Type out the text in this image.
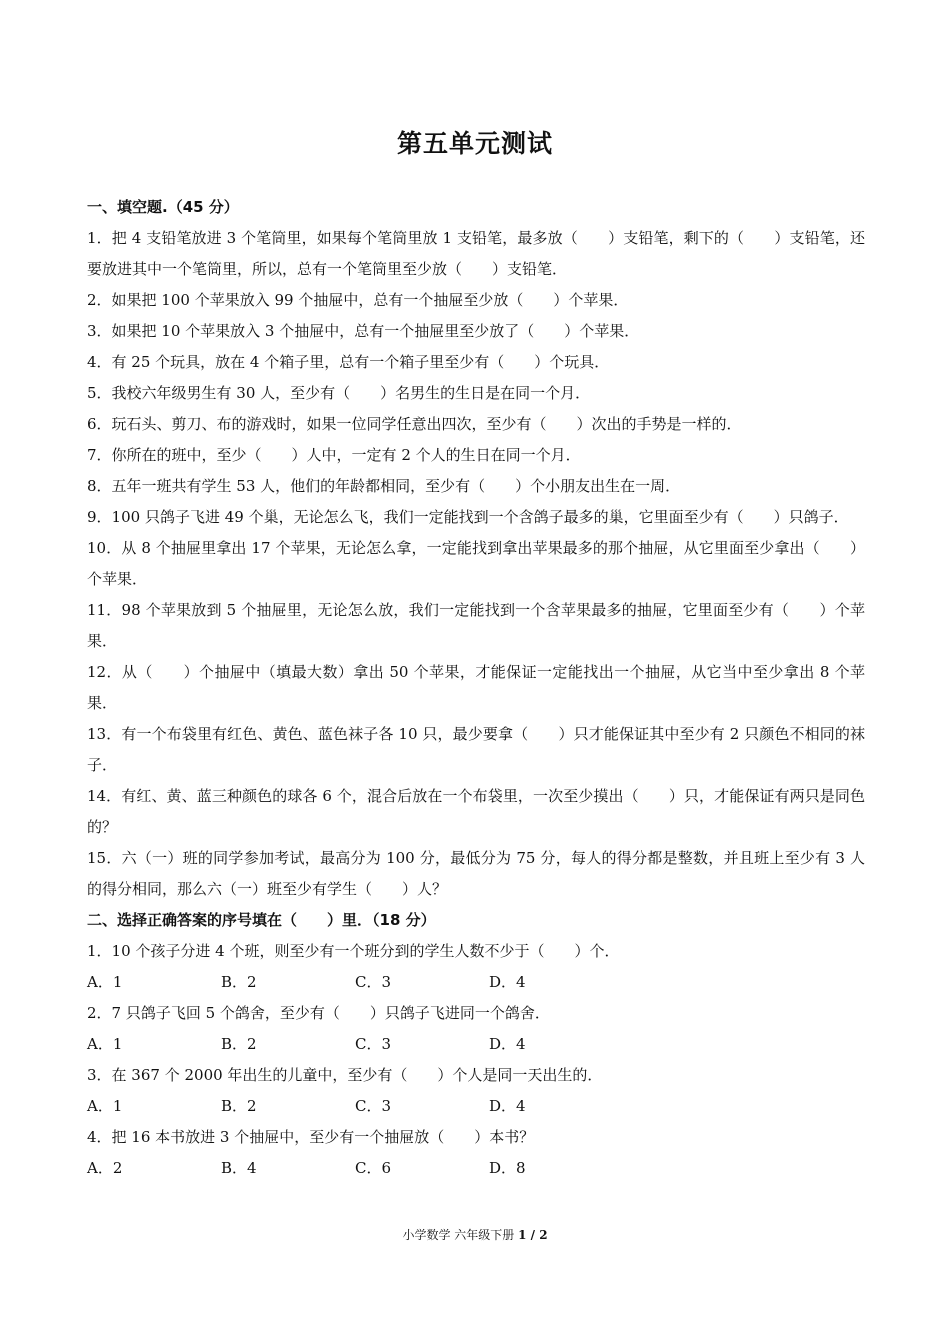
第五单元测试
一、填空题.（45 分）
1．把 4 支铅笔放进 3 个笔筒里，如果每个笔筒里放 1 支铅笔，最多放（　　）支铅笔，剩下的（　　）支铅笔，还要放进其中一个笔筒里，所以，总有一个笔筒里至少放（　　）支铅笔．
2．如果把 100 个苹果放入 99 个抽屉中，总有一个抽屉至少放（　　）个苹果．
3．如果把 10 个苹果放入 3 个抽屉中，总有一个抽屉里至少放了（　　）个苹果．
4．有 25 个玩具，放在 4 个箱子里，总有一个箱子里至少有（　　）个玩具．
5．我校六年级男生有 30 人，至少有（　　）名男生的生日是在同一个月．
6．玩石头、剪刀、布的游戏时，如果一位同学任意出四次，至少有（　　）次出的手势是一样的．
7．你所在的班中，至少（　　）人中，一定有 2 个人的生日在同一个月．
8．五年一班共有学生 53 人，他们的年龄都相同，至少有（　　）个小朋友出生在一周．
9．100 只鸽子飞进 49 个巢，无论怎么飞，我们一定能找到一个含鸽子最多的巢，它里面至少有（　　）只鸽子．
10．从 8 个抽屉里拿出 17 个苹果，无论怎么拿，一定能找到拿出苹果最多的那个抽屉，从它里面至少拿出（　　）个苹果．
11．98 个苹果放到 5 个抽屉里，无论怎么放，我们一定能找到一个含苹果最多的抽屉，它里面至少有（　　）个苹果．
12．从（　　）个抽屉中（填最大数）拿出 50 个苹果，才能保证一定能找出一个抽屉，从它当中至少拿出 8 个苹果．
13．有一个布袋里有红色、黄色、蓝色袜子各 10 只，最少要拿（　　）只才能保证其中至少有 2 只颜色不相同的袜子．
14．有红、黄、蓝三种颜色的球各 6 个，混合后放在一个布袋里，一次至少摸出（　　）只，才能保证有两只是同色的？
15．六（一）班的同学参加考试，最高分为 100 分，最低分为 75 分，每人的得分都是整数，并且班上至少有 3 人的得分相同，那么六（一）班至少有学生（　　）人？
二、选择正确答案的序号填在（　　）里．（18 分）
1．10 个孩子分进 4 个班，则至少有一个班分到的学生人数不少于（　　）个．
A．1	B．2	C．3	D．4
2．7 只鸽子飞回 5 个鸽舍，至少有（　　）只鸽子飞进同一个鸽舍．
A．1	B．2	C．3	D．4
3．在 367 个 2000 年出生的儿童中，至少有（　　）个人是同一天出生的．
A．1	B．2	C．3	D．4
4．把 16 本书放进 3 个抽屉中，至少有一个抽屉放（　　）本书？
A．2	B．4	C．6	D．8
小学数学 六年级下册 1 / 2
